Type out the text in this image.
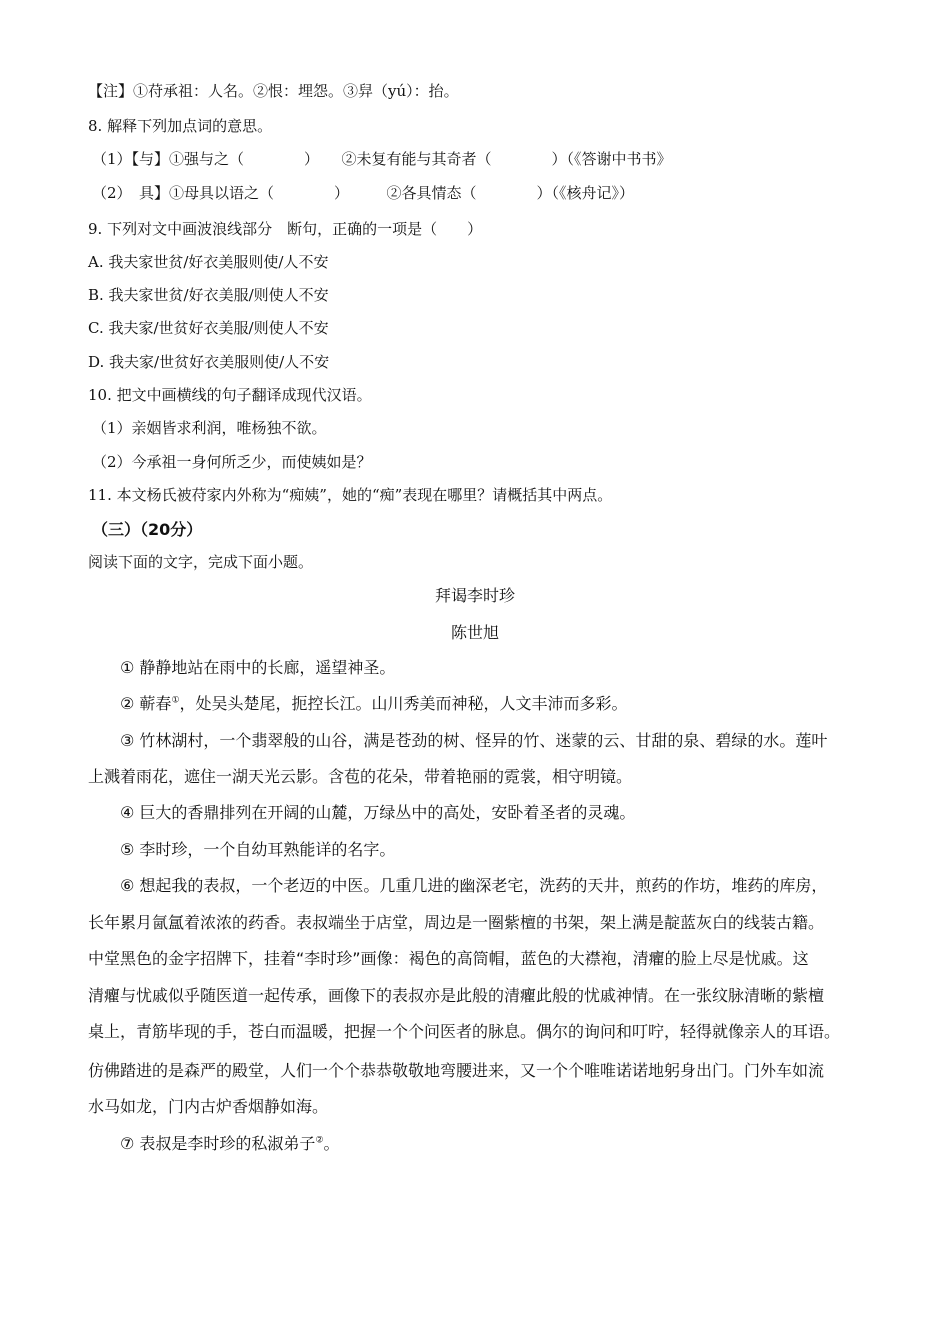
【注】①苻承祖：人名。②恨：埋怨。③舁（yú）：抬。
8. 解释下列加点词的意思。
（1）【与】①强与之（　　　　）　　②未复有能与其奇者（　　　　）（《答谢中书书》
（2）　具】①母具以语之（　　　　）　　　②各具情态（　　　　）（《核舟记》）
9. 下列对文中画波浪线部分　断句，正确的一项是（　　）
A. 我夫家世贫/好衣美服则使/人不安
B. 我夫家世贫/好衣美服/则使人不安
C. 我夫家/世贫好衣美服/则使人不安
D. 我夫家/世贫好衣美服则使/人不安
10. 把文中画横线的句子翻译成现代汉语。
（1）亲姻皆求利润，唯杨独不欲。
（2）今承祖一身何所乏少，而使姨如是？
11. 本文杨氏被苻家内外称为“痴姨”，她的“痴”表现在哪里？请概括其中两点。
（三）（20分）
阅读下面的文字，完成下面小题。
拜谒李时珍
陈世旭
① 静静地站在雨中的长廊，遥望神圣。
② 蕲春①，处吴头楚尾，扼控长江。山川秀美而神秘，人文丰沛而多彩。
③ 竹林湖村，一个翡翠般的山谷，满是苍劲的树、怪异的竹、迷蒙的云、甘甜的泉、碧绿的水。莲叶
上溅着雨花，遮住一湖天光云影。含苞的花朵，带着艳丽的霓裳，相守明镜。
④ 巨大的香鼎排列在开阔的山麓，万绿丛中的高处，安卧着圣者的灵魂。
⑤ 李时珍，一个自幼耳熟能详的名字。
⑥ 想起我的表叔，一个老迈的中医。几重几进的幽深老宅，洗药的天井，煎药的作坊，堆药的库房，
长年累月氤氲着浓浓的药香。表叔端坐于店堂，周边是一圈紫檀的书架，架上满是靛蓝灰白的线装古籍。
中堂黑色的金字招牌下，挂着“李时珍”画像：褐色的高筒帽，蓝色的大襟袍，清癯的脸上尽是忧戚。这
清癯与忧戚似乎随医道一起传承，画像下的表叔亦是此般的清癯此般的忧戚神情。在一张纹脉清晰的紫檀
桌上，青筋毕现的手，苍白而温暖，把握一个个问医者的脉息。偶尔的询问和叮咛，轻得就像亲人的耳语。
仿佛踏进的是森严的殿堂，人们一个个恭恭敬敬地弯腰进来，又一个个唯唯诺诺地躬身出门。门外车如流
水马如龙，门内古炉香烟静如海。
⑦ 表叔是李时珍的私淑弟子②。
